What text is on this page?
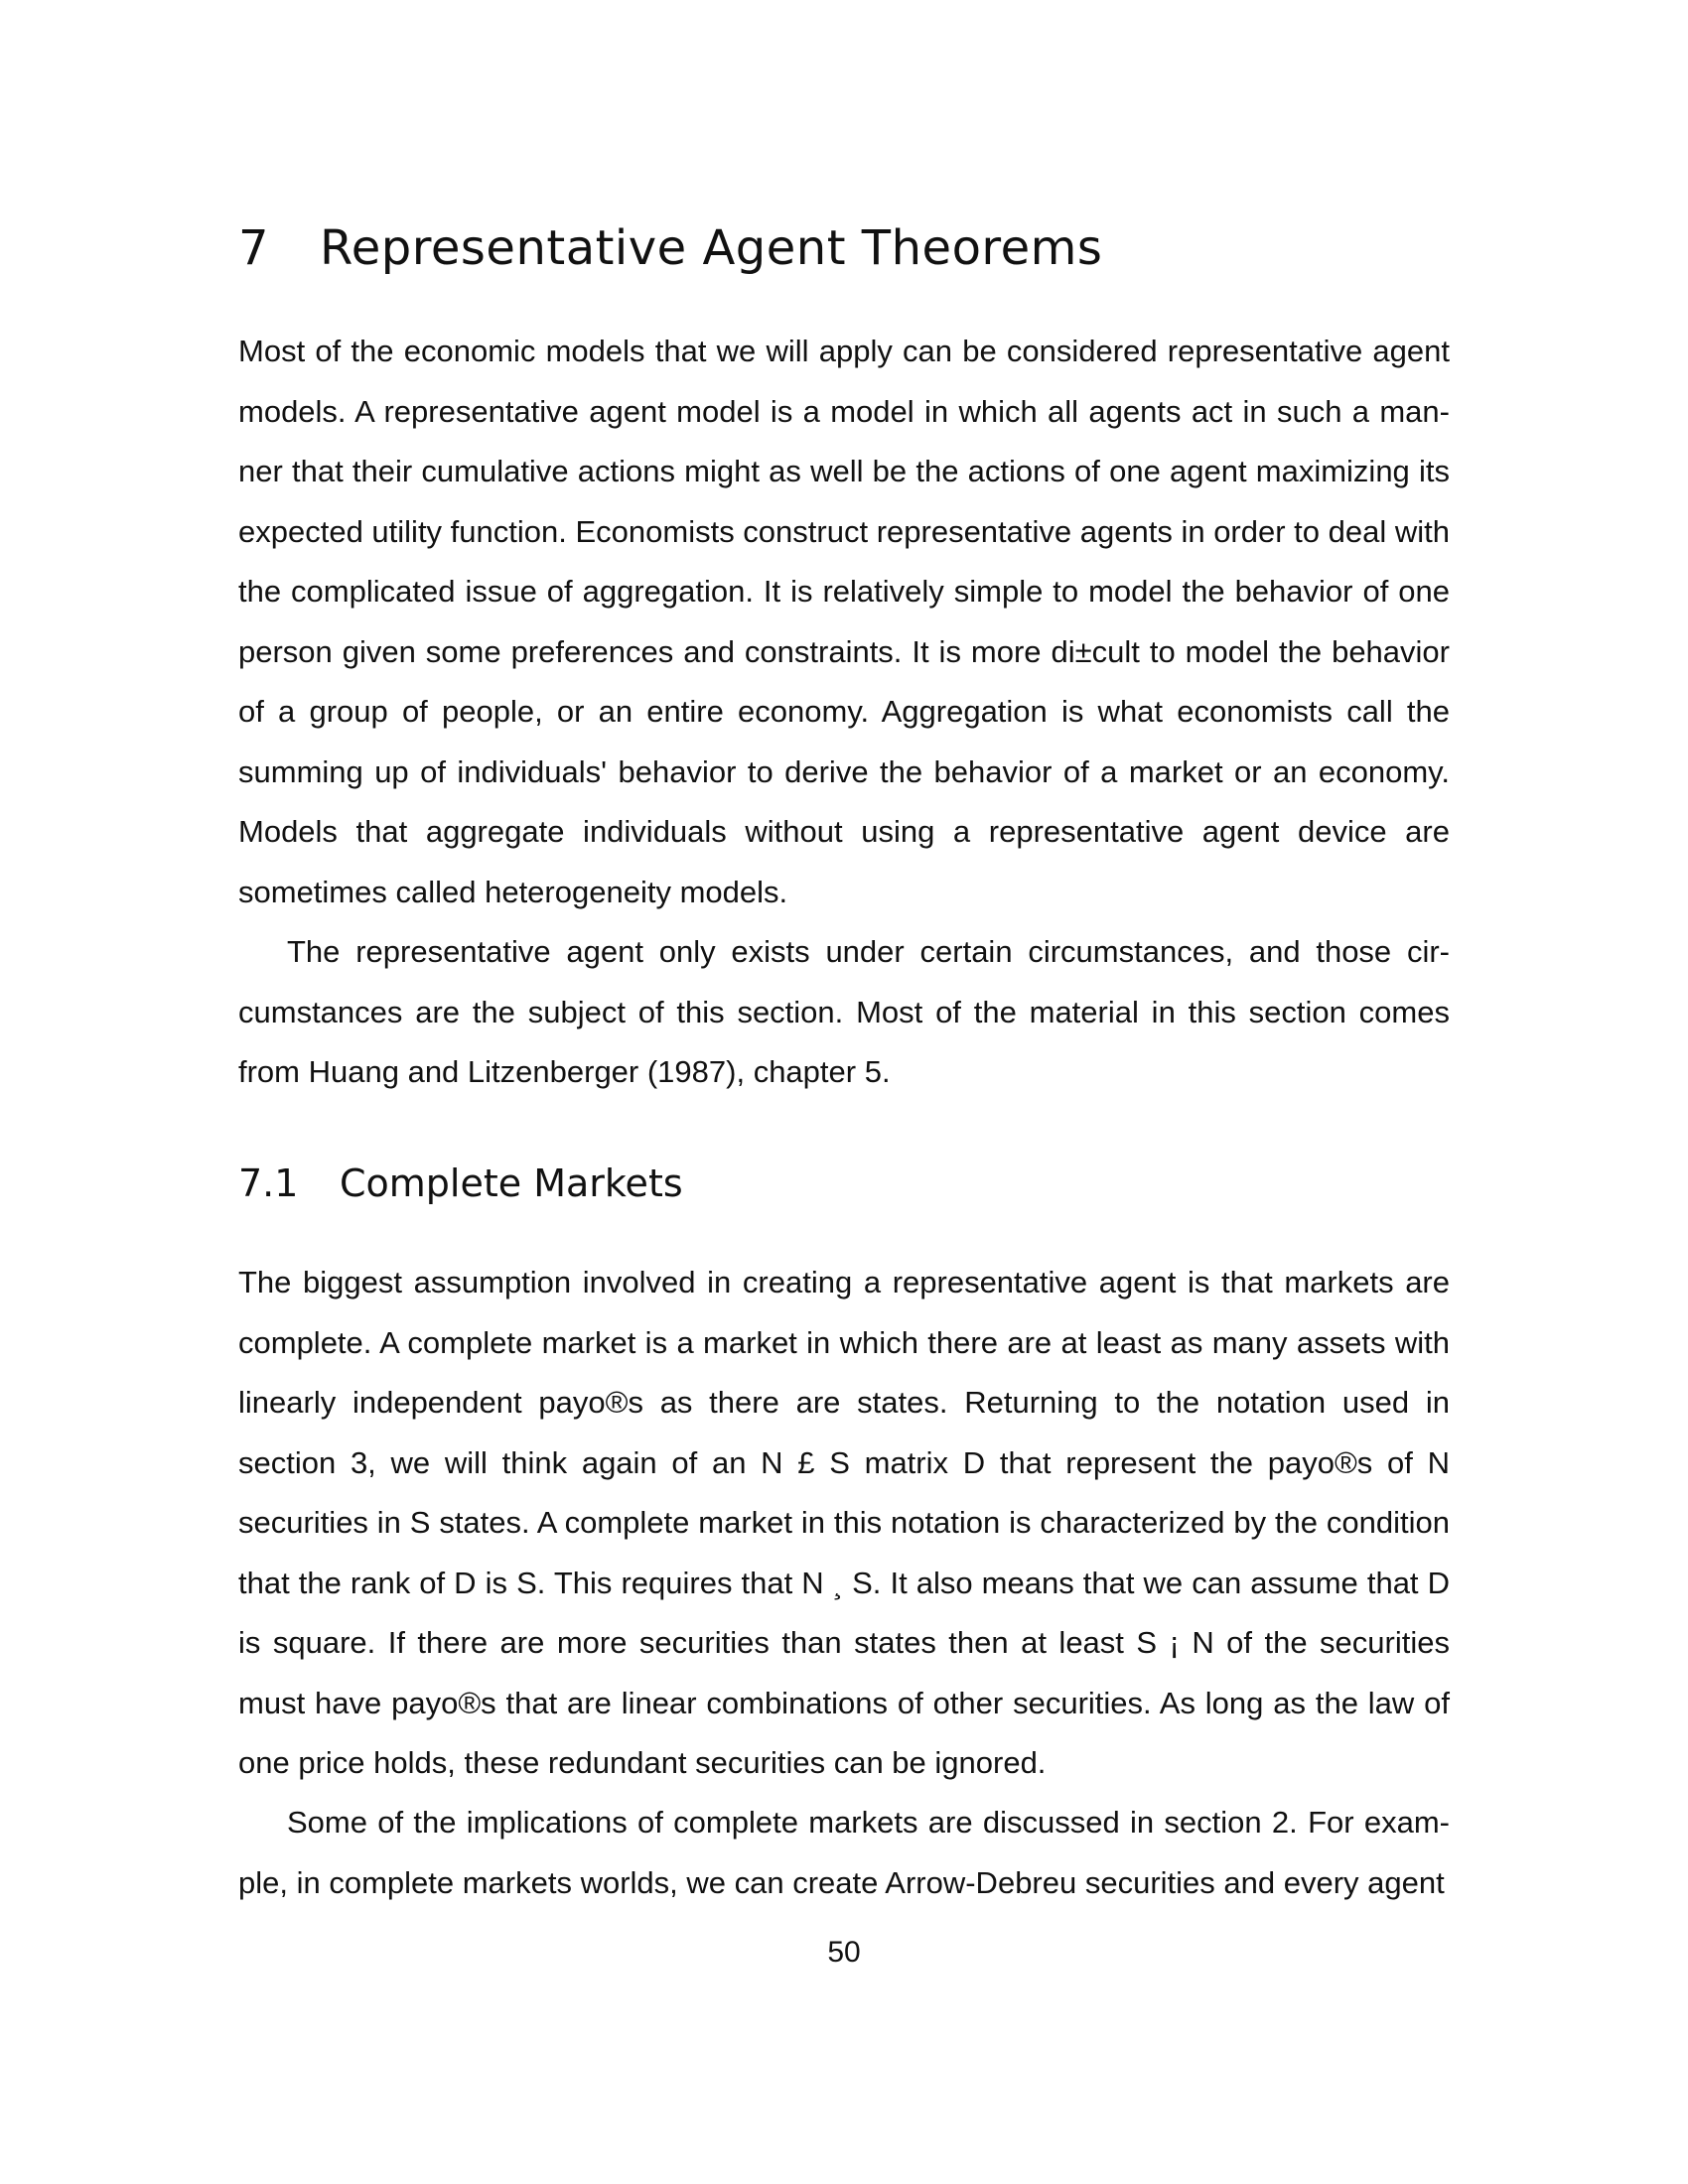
7 Representative Agent Theorems

Most of the economic models that we will apply can be considered representative agent models. A representative agent model is a model in which all agents act in such a manner that their cumulative actions might as well be the actions of one agent maximizing its expected utility function. Economists construct representative agents in order to deal with the complicated issue of aggregation. It is relatively simple to model the behavior of one person given some preferences and constraints. It is more di±cult to model the behavior of a group of people, or an entire economy. Aggregation is what economists call the summing up of individuals' behavior to derive the behavior of a market or an economy. Models that aggregate individuals without using a representative agent device are sometimes called heterogeneity models.

The representative agent only exists under certain circumstances, and those circumstances are the subject of this section. Most of the material in this section comes from Huang and Litzenberger (1987), chapter 5.

7.1 Complete Markets

The biggest assumption involved in creating a representative agent is that markets are complete. A complete market is a market in which there are at least as many assets with linearly independent payo®s as there are states. Returning to the notation used in section 3, we will think again of an N £ S matrix D that represent the payo®s of N securities in S states. A complete market in this notation is characterized by the condition that the rank of D is S. This requires that N ¸ S. It also means that we can assume that D is square. If there are more securities than states then at least S ¡ N of the securities must have payo®s that are linear combinations of other securities. As long as the law of one price holds, these redundant securities can be ignored.

Some of the implications of complete markets are discussed in section 2. For example, in complete markets worlds, we can create Arrow-Debreu securities and every agent

50
